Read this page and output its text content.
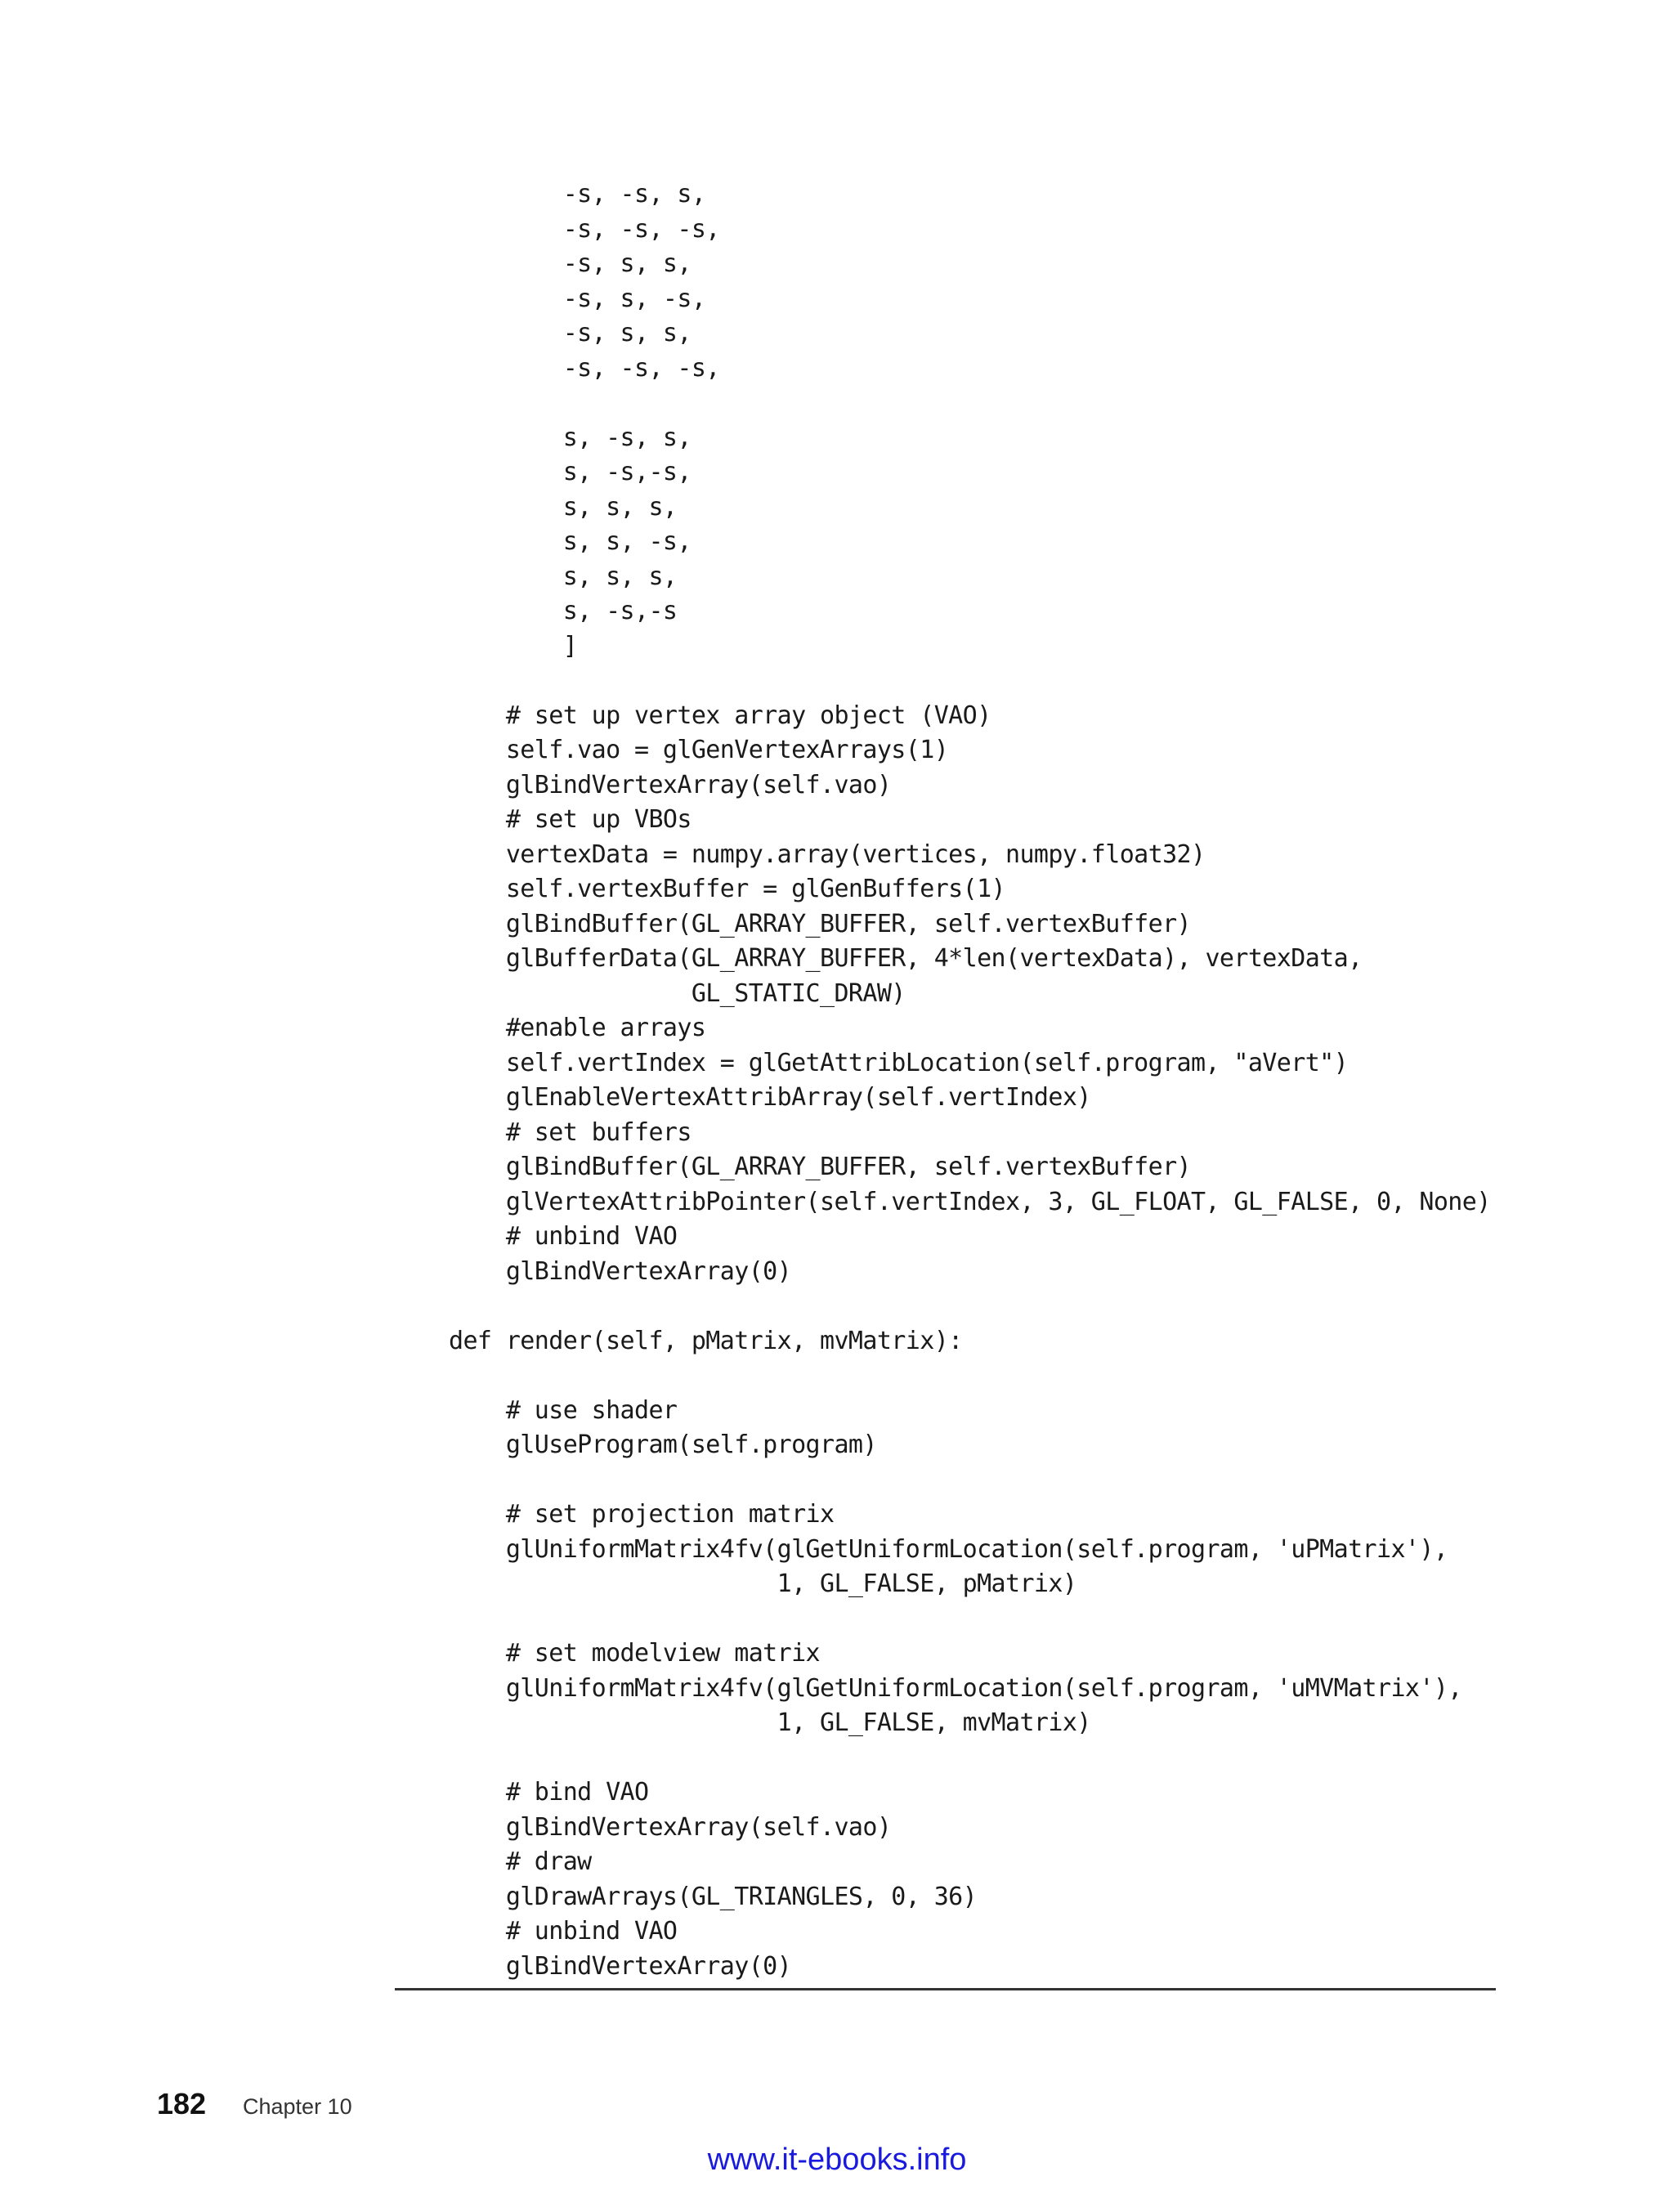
-s, -s, s,
-s, -s, -s,
-s, s, s,
-s, s, -s,
-s, s, s,
-s, -s, -s,
s, -s, s,
s, -s,-s,
s, s, s,
s, s, -s,
s, s, s,
s, -s,-s
]
# set up vertex array object (VAO)
self.vao = glGenVertexArrays(1)
glBindVertexArray(self.vao)
# set up VBOs
vertexData = numpy.array(vertices, numpy.float32)
self.vertexBuffer = glGenBuffers(1)
glBindBuffer(GL_ARRAY_BUFFER, self.vertexBuffer)
glBufferData(GL_ARRAY_BUFFER, 4*len(vertexData), vertexData,
GL_STATIC_DRAW)
#enable arrays
self.vertIndex = glGetAttribLocation(self.program, "aVert")
glEnableVertexAttribArray(self.vertIndex)
# set buffers
glBindBuffer(GL_ARRAY_BUFFER, self.vertexBuffer)
glVertexAttribPointer(self.vertIndex, 3, GL_FLOAT, GL_FALSE, 0, None)
# unbind VAO
glBindVertexArray(0)
def render(self, pMatrix, mvMatrix):
# use shader
glUseProgram(self.program)
# set projection matrix
glUniformMatrix4fv(glGetUniformLocation(self.program, 'uPMatrix'),
1, GL_FALSE, pMatrix)
# set modelview matrix
glUniformMatrix4fv(glGetUniformLocation(self.program, 'uMVMatrix'),
1, GL_FALSE, mvMatrix)
# bind VAO
glBindVertexArray(self.vao)
# draw
glDrawArrays(GL_TRIANGLES, 0, 36)
# unbind VAO
glBindVertexArray(0)
182 Chapter 10
www.it-ebooks.info
